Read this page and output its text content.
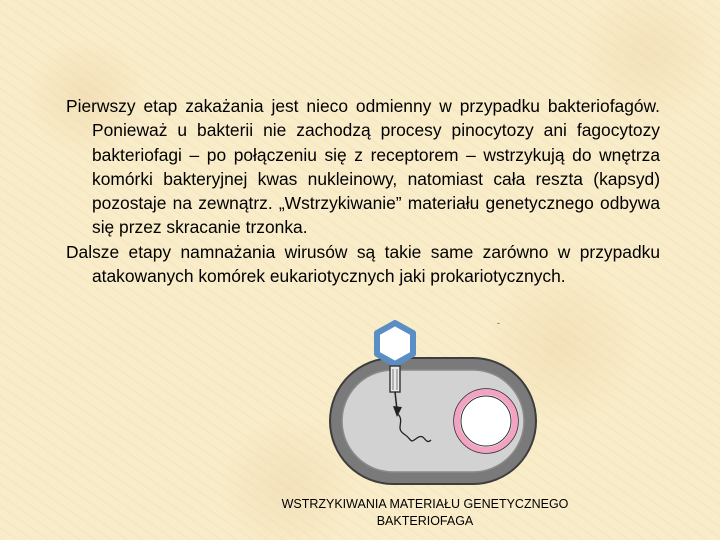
Pierwszy etap zakażania jest nieco odmienny w przypadku bakteriofagów. Ponieważ u bakterii nie zachodzą procesy pinocytozy ani fagocytozy bakteriofagi – po połączeniu się z receptorem – wstrzykują do wnętrza komórki bakteryjnej kwas nukleinowy, natomiast cała reszta (kapsyd) pozostaje na zewnątrz. „Wstrzykiwanie” materiału genetycznego odbywa się przez skracanie trzonka.

Dalsze etapy namnażania wirusów są takie same zarówno w przypadku atakowanych komórek eukariotycznych jaki prokariotycznych.

-
WSTRZYKIWANIA MATERIAŁU GENETYCZNEGO
BAKTERIOFAGA
